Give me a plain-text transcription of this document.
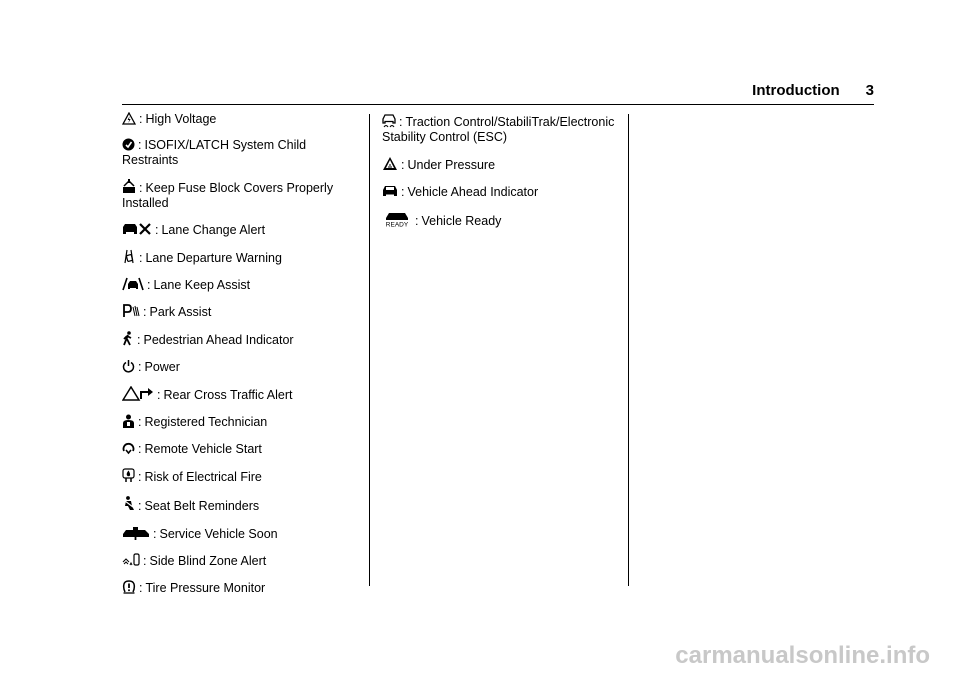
Introduction 3
: High Voltage
: ISOFIX/LATCH System Child Restraints
: Keep Fuse Block Covers Properly Installed
: Lane Change Alert
: Lane Departure Warning
: Lane Keep Assist
: Park Assist
: Pedestrian Ahead Indicator
: Power
: Rear Cross Traffic Alert
: Registered Technician
: Remote Vehicle Start
: Risk of Electrical Fire
: Seat Belt Reminders
: Service Vehicle Soon
: Side Blind Zone Alert
: Tire Pressure Monitor
: Traction Control/StabiliTrak/Electronic Stability Control (ESC)
: Under Pressure
: Vehicle Ahead Indicator
READY : Vehicle Ready
carmanualsonline.info
